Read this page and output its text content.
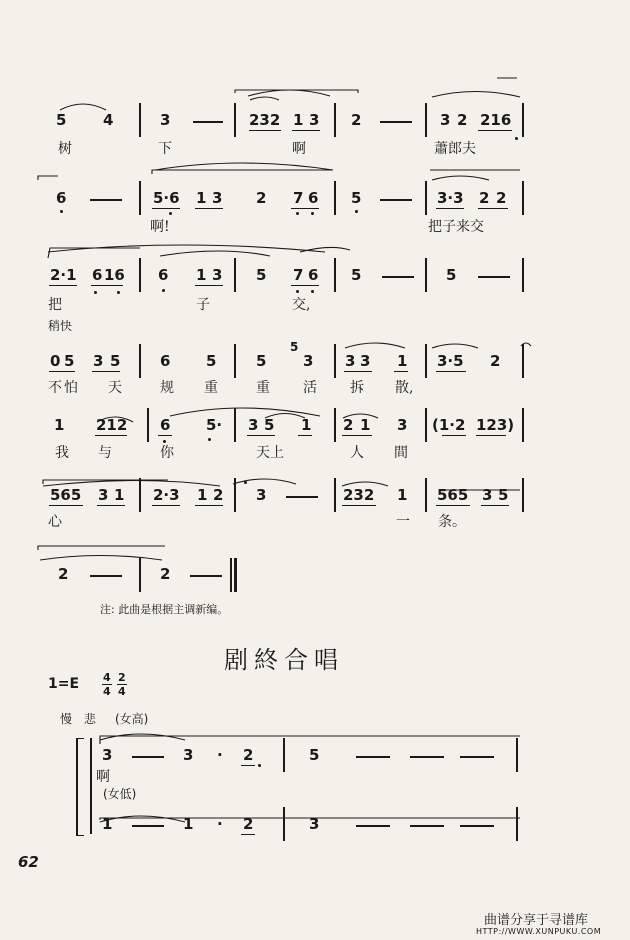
5 4	3	232 1 3 2	3 2 216
树	下	啊	蕭郎夫
6	5·6 1 3 2 7 6 5	3·3 2 2
啊!	把子来交
2·1 6 16 6 1 3 5 7 6 5	5
把	子	交,
稍快
0 5 3 5	6 5	5
5
3 3 3 1 3·5 2
不 怕 天	规 重	重 活 拆 散,
1 212 6 5· 3 5 1 2 1 3 (1·2 123)
我 与	你	天 上	人 間
565 3 1 2·3 1 2 3	232 1 565 3 5
心	一 条。
2	2
注: 此曲是根据主调新编。
剧終合唱
1=E 4
4
2
4
慢 悲 (女高)
3	3 · 2	5
啊
(女低)
1	1 · 2	3
62
曲谱分享于寻谱库
HTTP://WWW.XUNPUKU.COM
